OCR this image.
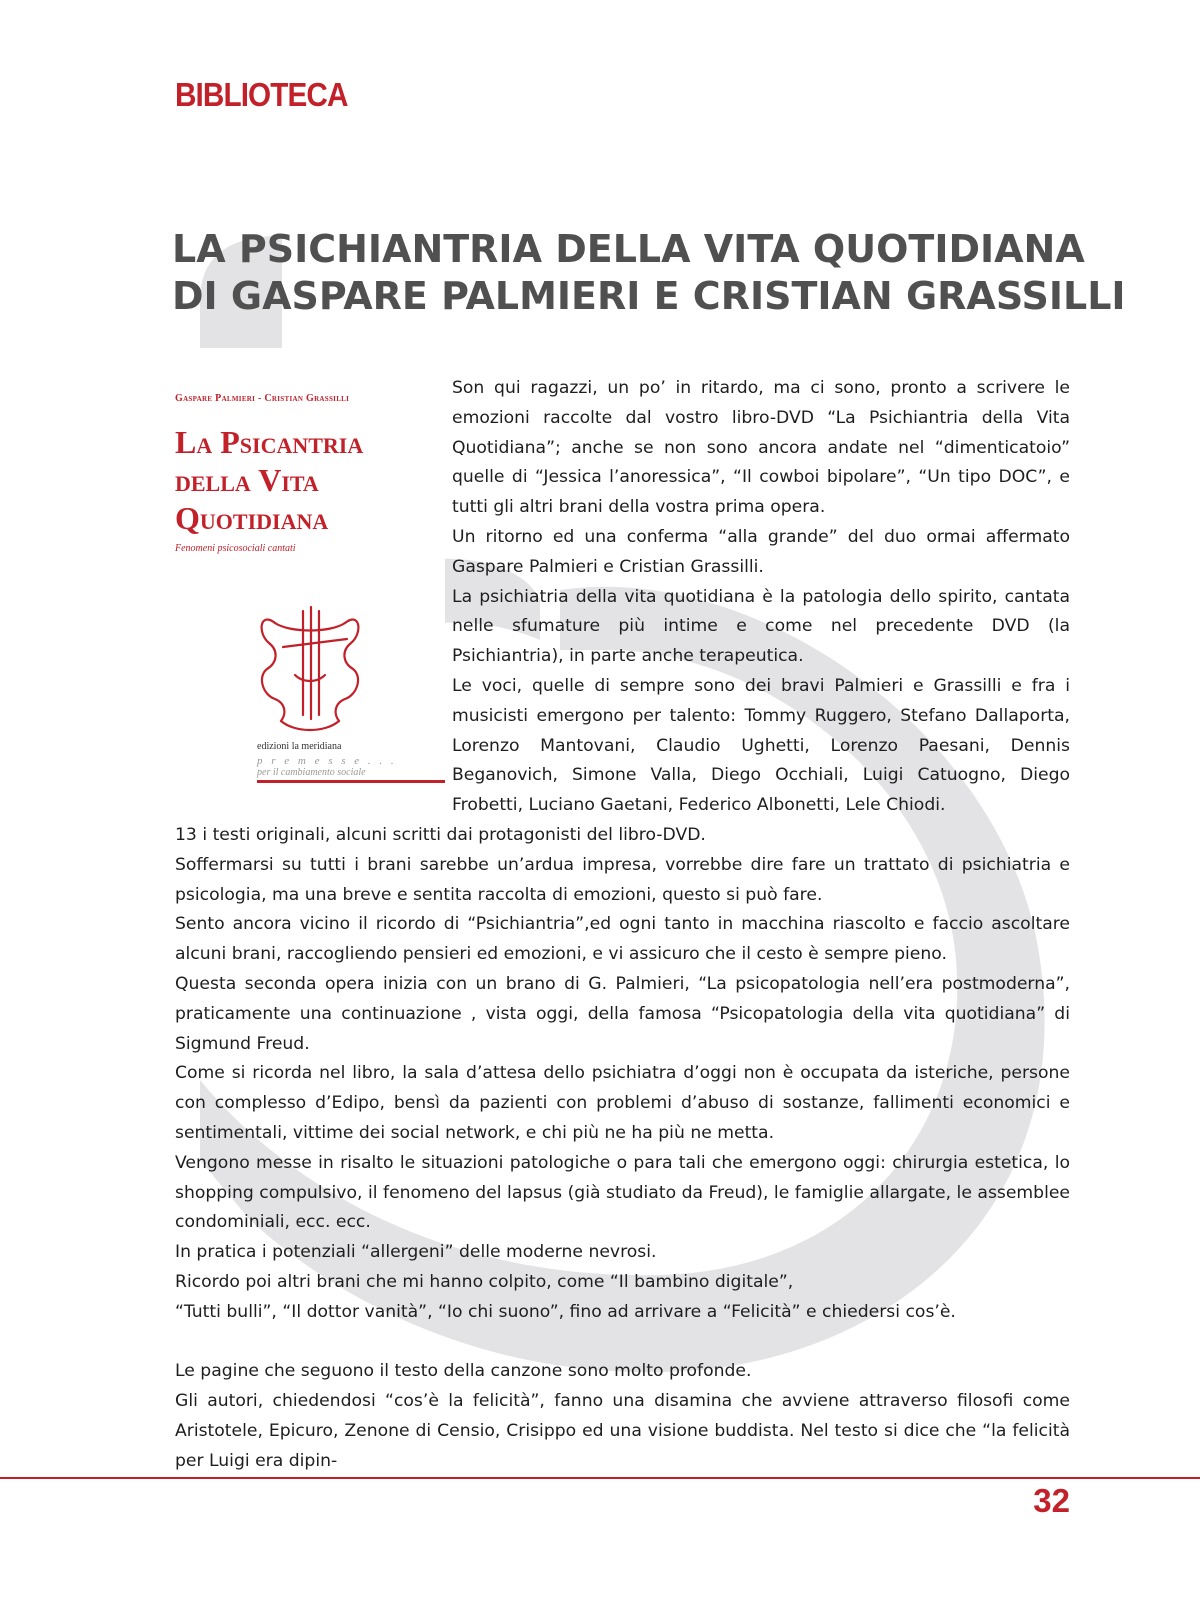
BIBLIOTECA
LA PSICHIANTRIA DELLA VITA QUOTIDIANA
DI GASPARE PALMIERI E CRISTIAN GRASSILLI
Gaspare Palmieri - Cristian Grassilli
La Psicantria
della Vita
Quotidiana
Fenomeni psicosociali cantati
edizioni la meridiana
p r e m e s s e . . .
per il cambiamento sociale

Son qui ragazzi, un po’ in ritardo, ma ci sono, pronto a scrivere le emozioni raccolte dal vostro libro-DVD “La Psichiantria della Vita Quotidiana”; anche se non sono ancora andate nel “dimenticatoio” quelle di “Jessica l’anoressica”, “Il cowboi bipolare”, “Un tipo DOC”, e tutti gli altri brani della vostra prima opera.

Un ritorno ed una conferma “alla grande” del duo ormai affermato Gaspare Palmieri e Cristian Grassilli.

La psichiatria della vita quotidiana è la patologia dello spirito, cantata nelle sfumature più intime e come nel precedente DVD (la Psichiantria), in parte anche terapeutica.

Le voci, quelle di sempre sono dei bravi Palmieri e Grassilli e fra i musicisti emergono per talento: Tommy Ruggero, Stefano Dallaporta, Lorenzo Mantovani, Claudio Ughetti, Lorenzo Paesani, Dennis Beganovich, Simone Valla, Diego Occhiali, Luigi Catuogno, Diego Frobetti, Luciano Gaetani, Federico Albonetti, Lele Chiodi.

13 i testi originali, alcuni scritti dai protagonisti del libro-DVD.

Soffermarsi su tutti i brani sarebbe un’ardua impresa, vorrebbe dire fare un trattato di psichiatria e psicologia, ma una breve e sentita raccolta di emozioni, questo si può fare.

Sento ancora vicino il ricordo di “Psichiantria”,ed ogni tanto in macchina riascolto e faccio ascoltare alcuni brani, raccogliendo pensieri ed emozioni, e vi assicuro che il cesto è sempre pieno.

Questa seconda opera inizia con un brano di G. Palmieri, “La psicopatologia nell’era postmoderna”, praticamente una continuazione , vista oggi, della famosa “Psicopatologia della vita quotidiana” di Sigmund Freud.

Come si ricorda nel libro, la sala d’attesa dello psichiatra d’oggi non è occupata da isteriche, persone con complesso d’Edipo, bensì da pazienti con problemi d’abuso di sostanze, fallimenti economici e sentimentali, vittime dei social network, e chi più ne ha più ne metta.

Vengono messe in risalto le situazioni patologiche o para tali che emergono oggi: chirurgia estetica, lo shopping compulsivo, il fenomeno del lapsus (già studiato da Freud), le famiglie allargate, le assemblee condominiali, ecc. ecc.

In pratica i potenziali “allergeni” delle moderne nevrosi.

Ricordo poi altri brani che mi hanno colpito, come “Il bambino digitale”,

“Tutti bulli”, “Il dottor vanità”, “Io chi suono”, fino ad arrivare a “Felicità” e chiedersi cos’è.

Le pagine che seguono il testo della canzone sono molto profonde.

Gli autori, chiedendosi “cos’è la felicità”, fanno una disamina che avviene attraverso filosofi come Aristotele, Epicuro, Zenone di Censio, Crisippo ed una visione buddista. Nel testo si dice che “la felicità per Luigi era dipin-

32
